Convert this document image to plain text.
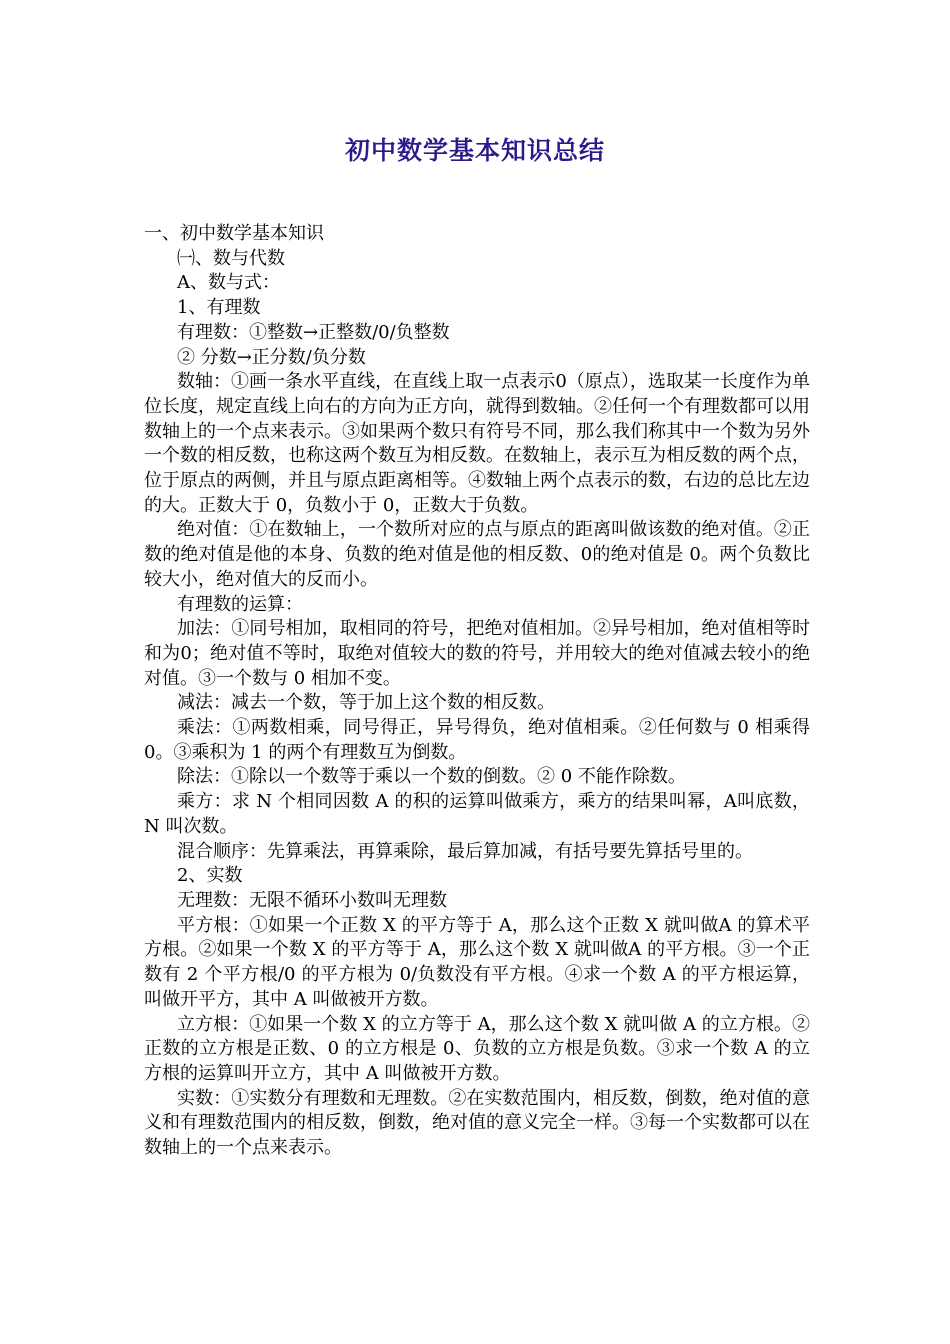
初中数学基本知识总结

一、初中数学基本知识

㈠、数与代数

A、数与式：

1、有理数

有理数：①整数→正整数/0/负整数

② 分数→正分数/负分数

数轴：①画一条水平直线，在直线上取一点表示0（原点），选取某一长度作为单位长度，规定直线上向右的方向为正方向，就得到数轴。②任何一个有理数都可以用数轴上的一个点来表示。③如果两个数只有符号不同，那么我们称其中一个数为另外一个数的相反数，也称这两个数互为相反数。在数轴上，表示互为相反数的两个点，位于原点的两侧，并且与原点距离相等。④数轴上两个点表示的数，右边的总比左边的大。正数大于 0，负数小于 0，正数大于负数。

绝对值：①在数轴上，一个数所对应的点与原点的距离叫做该数的绝对值。②正数的绝对值是他的本身、负数的绝对值是他的相反数、0的绝对值是 0。两个负数比较大小，绝对值大的反而小。

有理数的运算：

加法：①同号相加，取相同的符号，把绝对值相加。②异号相加，绝对值相等时和为0；绝对值不等时，取绝对值较大的数的符号，并用较大的绝对值减去较小的绝对值。③一个数与 0 相加不变。

减法：减去一个数，等于加上这个数的相反数。

乘法：①两数相乘，同号得正，异号得负，绝对值相乘。②任何数与 0 相乘得 0。③乘积为 1 的两个有理数互为倒数。

除法：①除以一个数等于乘以一个数的倒数。② 0 不能作除数。

乘方：求 N 个相同因数 A 的积的运算叫做乘方，乘方的结果叫幂，A叫底数，N 叫次数。

混合顺序：先算乘法，再算乘除，最后算加减，有括号要先算括号里的。

2、实数

无理数：无限不循环小数叫无理数

平方根：①如果一个正数 X 的平方等于 A，那么这个正数 X 就叫做A 的算术平方根。②如果一个数 X 的平方等于 A，那么这个数 X 就叫做A 的平方根。③一个正数有 2 个平方根/0 的平方根为 0/负数没有平方根。④求一个数 A 的平方根运算，叫做开平方，其中 A 叫做被开方数。

立方根：①如果一个数 X 的立方等于 A，那么这个数 X 就叫做 A 的立方根。②正数的立方根是正数、0 的立方根是 0、负数的立方根是负数。③求一个数 A 的立方根的运算叫开立方，其中 A 叫做被开方数。

实数：①实数分有理数和无理数。②在实数范围内，相反数，倒数，绝对值的意义和有理数范围内的相反数，倒数，绝对值的意义完全一样。③每一个实数都可以在数轴上的一个点来表示。
